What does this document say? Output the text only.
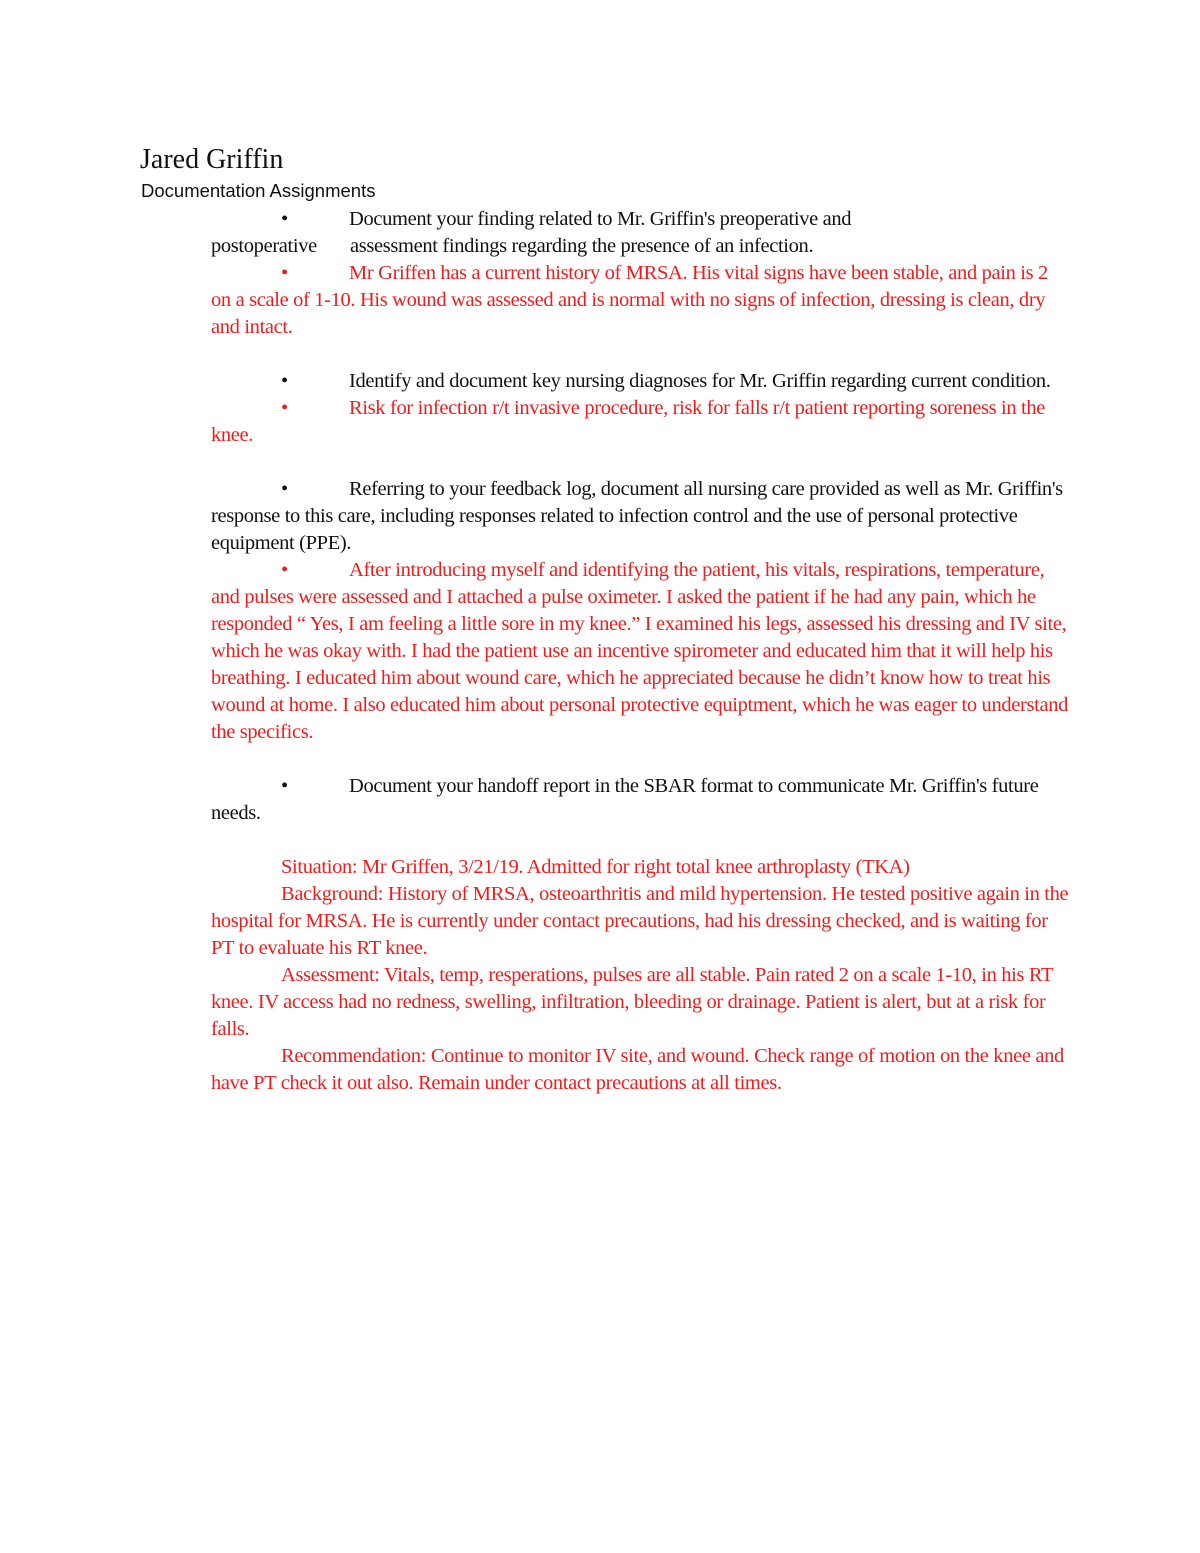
Jared Griffin
Documentation Assignments

•	Document your finding related to Mr. Griffin's preoperative and

postoperative	assessment findings regarding the presence of an infection.

•	Mr Griffen has a current history of MRSA. His vital signs have been stable, and pain is 2 on a scale of 1-10. His wound was assessed and is normal with no signs of infection, dressing is clean, dry and intact.

•	Identify and document key nursing diagnoses for Mr. Griffin regarding current condition.

•	Risk for infection r/t invasive procedure, risk for falls r/t patient reporting soreness in the knee.

•	Referring to your feedback log, document all nursing care provided as well as Mr. Griffin's response to this care, including responses related to infection control and the use of personal protective equipment (PPE).

•	After introducing myself and identifying the patient, his vitals, respirations, temperature, and pulses were assessed and I attached a pulse oximeter. I asked the patient if he had any pain, which he responded “ Yes, I am feeling a little sore in my knee.” I examined his legs, assessed his dressing and IV site, which he was okay with. I had the patient use an incentive spirometer and educated him that it will help his breathing. I educated him about wound care, which he appreciated because he didn’t know how to treat his wound at home. I also educated him about personal protective equiptment, which he was eager to understand the specifics.

•	Document your handoff report in the SBAR format to communicate Mr. Griffin's future needs.

Situation: Mr Griffen, 3/21/19. Admitted for right total knee arthroplasty (TKA)

Background: History of MRSA, osteoarthritis and mild hypertension. He tested positive again in the hospital for MRSA. He is currently under contact precautions, had his dressing checked, and is waiting for PT to evaluate his RT knee.

Assessment: Vitals, temp, resperations, pulses are all stable. Pain rated 2 on a scale 1-10, in his RT knee. IV access had no redness, swelling, infiltration, bleeding or drainage. Patient is alert, but at a risk for falls.

Recommendation: Continue to monitor IV site, and wound. Check range of motion on the knee and have PT check it out also. Remain under contact precautions at all times.
